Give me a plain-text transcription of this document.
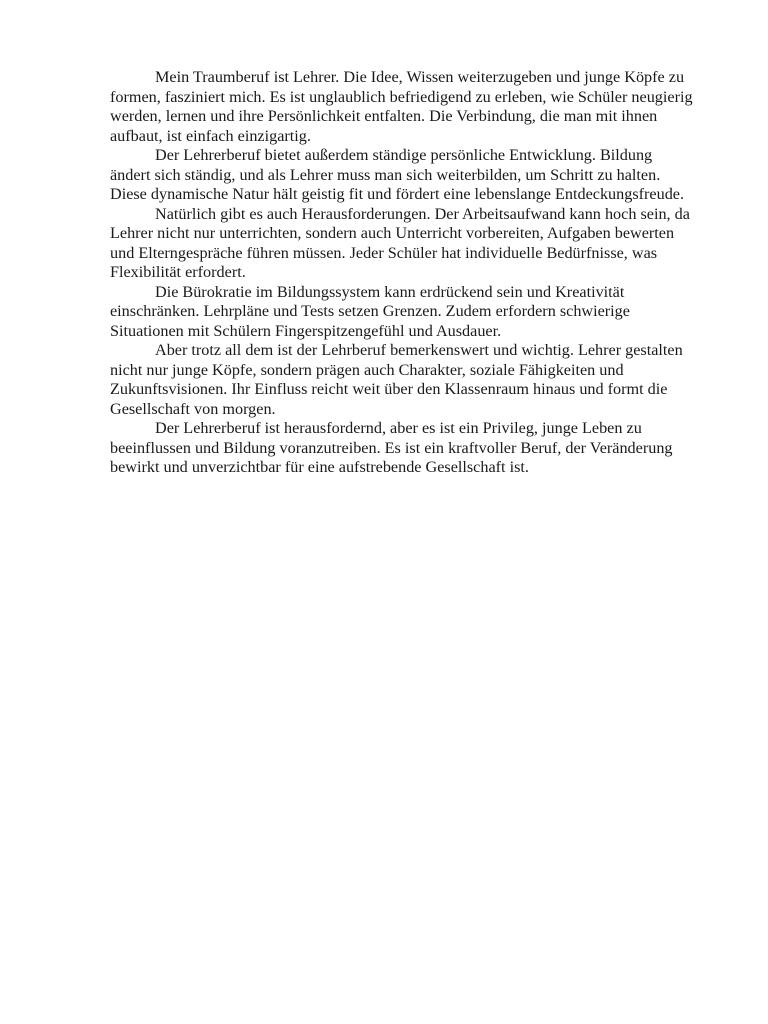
Mein Traumberuf ist Lehrer. Die Idee, Wissen weiterzugeben und junge Köpfe zu formen, fasziniert mich. Es ist unglaublich befriedigend zu erleben, wie Schüler neugierig werden, lernen und ihre Persönlichkeit entfalten. Die Verbindung, die man mit ihnen aufbaut, ist einfach einzigartig.

Der Lehrerberuf bietet außerdem ständige persönliche Entwicklung. Bildung ändert sich ständig, und als Lehrer muss man sich weiterbilden, um Schritt zu halten. Diese dynamische Natur hält geistig fit und fördert eine lebenslange Entdeckungsfreude.

Natürlich gibt es auch Herausforderungen. Der Arbeitsaufwand kann hoch sein, da Lehrer nicht nur unterrichten, sondern auch Unterricht vorbereiten, Aufgaben bewerten und Elterngespräche führen müssen. Jeder Schüler hat individuelle Bedürfnisse, was Flexibilität erfordert.

Die Bürokratie im Bildungssystem kann erdrückend sein und Kreativität einschränken. Lehrpläne und Tests setzen Grenzen. Zudem erfordern schwierige Situationen mit Schülern Fingerspitzengefühl und Ausdauer.

Aber trotz all dem ist der Lehrberuf bemerkenswert und wichtig. Lehrer gestalten nicht nur junge Köpfe, sondern prägen auch Charakter, soziale Fähigkeiten und Zukunftsvisionen. Ihr Einfluss reicht weit über den Klassenraum hinaus und formt die Gesellschaft von morgen.

Der Lehrerberuf ist herausfordernd, aber es ist ein Privileg, junge Leben zu beeinflussen und Bildung voranzutreiben. Es ist ein kraftvoller Beruf, der Veränderung bewirkt und unverzichtbar für eine aufstrebende Gesellschaft ist.
